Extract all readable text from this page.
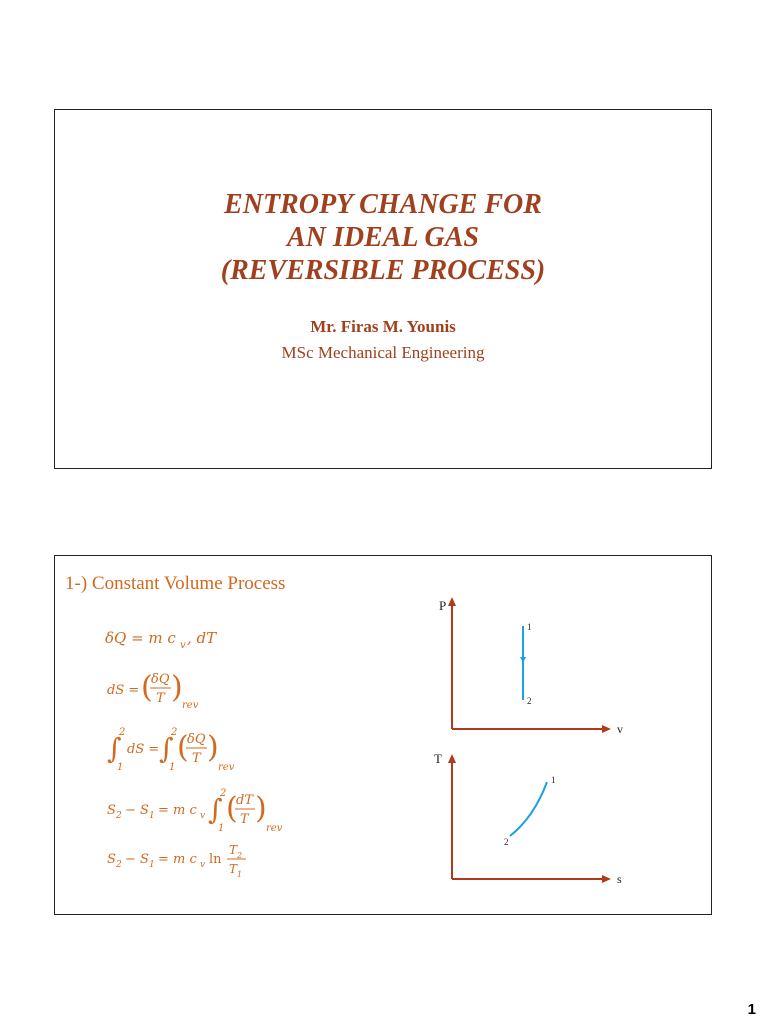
ENTROPY CHANGE FOR
AN IDEAL GAS
(REVERSIBLE PROCESS)
Mr. Firas M. Younis
MSc Mechanical Engineering
1-) Constant Volume Process
δQ = m c v , dT
dS = (
δQ
T )
rev
∫
2
1
dS = ∫
2
1
(
δQ
T )
rev
S 2 − S 1 = m c v ∫
2
1
(
dT
T )
rev
S 2 − S 1 = m c v ln
T 2
T 1
P
v
1
2
T
s
1
2
1
